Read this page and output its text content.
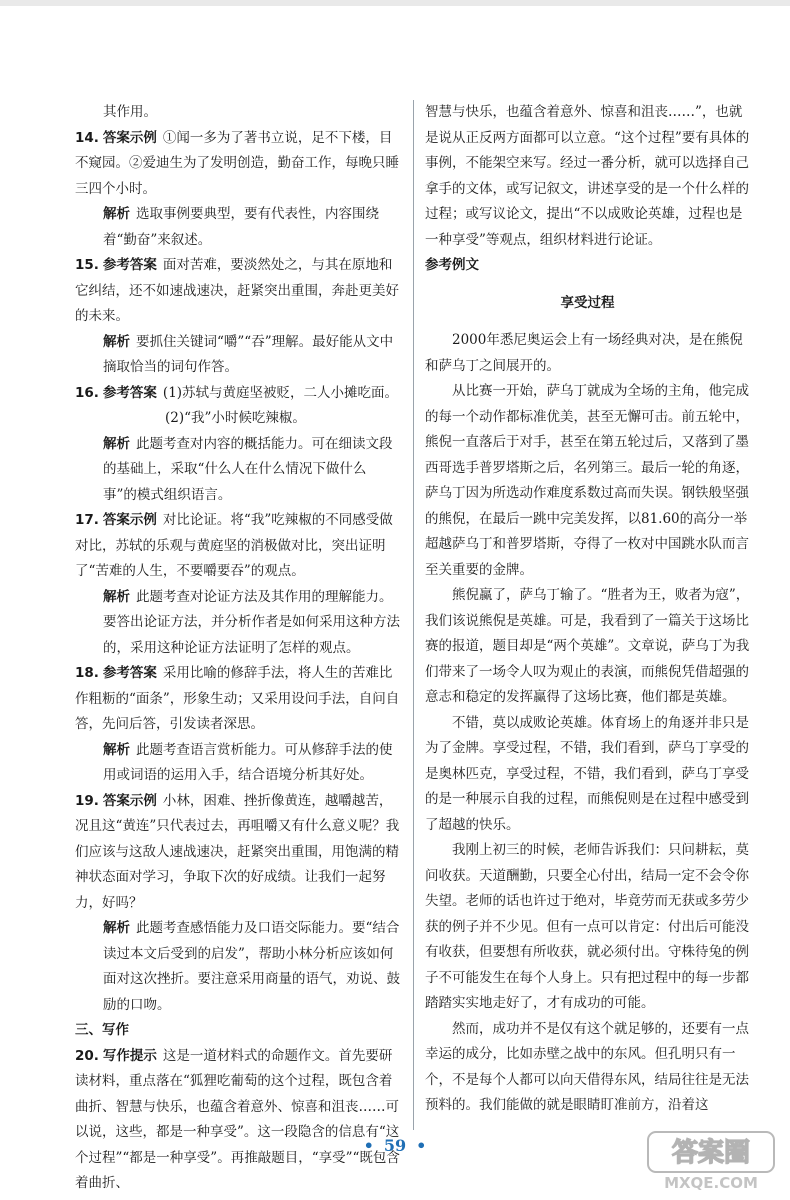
其作用。

14. 答案示例 ①闻一多为了著书立说，足不下楼，目不窥园。②爱迪生为了发明创造，勤奋工作，每晚只睡三四个小时。
解析 选取事例要典型，要有代表性，内容围绕着“勤奋”来叙述。
15. 参考答案 面对苦难，要淡然处之，与其在原地和它纠结，还不如速战速决，赶紧突出重围，奔赴更美好的未来。
解析 要抓住关键词“嚼”“吞”理解。最好能从文中摘取恰当的词句作答。
16. 参考答案 (1)苏轼与黄庭坚被贬，二人小摊吃面。
(2)“我”小时候吃辣椒。
解析 此题考查对内容的概括能力。可在细读文段的基础上，采取“什么人在什么情况下做什么事”的模式组织语言。
17. 答案示例 对比论证。将“我”吃辣椒的不同感受做对比，苏轼的乐观与黄庭坚的消极做对比，突出证明了“苦难的人生，不要嚼要吞”的观点。
解析 此题考查对论证方法及其作用的理解能力。要答出论证方法，并分析作者是如何采用这种方法的，采用这种论证方法证明了怎样的观点。
18. 参考答案 采用比喻的修辞手法，将人生的苦难比作粗粝的“面条”，形象生动；又采用设问手法，自问自答，先问后答，引发读者深思。
解析 此题考查语言赏析能力。可从修辞手法的使用或词语的运用入手，结合语境分析其好处。
19. 答案示例 小林，困难、挫折像黄连，越嚼越苦，况且这“黄连”只代表过去，再咀嚼又有什么意义呢？我们应该与这敌人速战速决，赶紧突出重围，用饱满的精神状态面对学习，争取下次的好成绩。让我们一起努力，好吗？
解析 此题考查感悟能力及口语交际能力。要“结合读过本文后受到的启发”，帮助小林分析应该如何面对这次挫折。要注意采用商量的语气，劝说、鼓励的口吻。
三、写作
20. 写作提示 这是一道材料式的命题作文。首先要研读材料，重点落在“狐狸吃葡萄的这个过程，既包含着曲折、智慧与快乐，也蕴含着意外、惊喜和沮丧……可以说，这些，都是一种享受”。这一段隐含的信息有“这个过程”“都是一种享受”。再推敲题目，“享受”“既包含着曲折、

智慧与快乐，也蕴含着意外、惊喜和沮丧……”，也就是说从正反两方面都可以立意。“这个过程”要有具体的事例，不能架空来写。经过一番分析，就可以选择自己拿手的文体，或写记叙文，讲述享受的是一个什么样的过程；或写议论文，提出“不以成败论英雄，过程也是一种享受”等观点，组织材料进行论证。

参考例文
享受过程

2000年悉尼奥运会上有一场经典对决，是在熊倪和萨乌丁之间展开的。

从比赛一开始，萨乌丁就成为全场的主角，他完成的每一个动作都标准优美，甚至无懈可击。前五轮中，熊倪一直落后于对手，甚至在第五轮过后，又落到了墨西哥选手普罗塔斯之后，名列第三。最后一轮的角逐，萨乌丁因为所选动作难度系数过高而失误。钢铁般坚强的熊倪，在最后一跳中完美发挥，以81.60的高分一举超越萨乌丁和普罗塔斯，夺得了一枚对中国跳水队而言至关重要的金牌。

熊倪赢了，萨乌丁输了。“胜者为王，败者为寇”，我们该说熊倪是英雄。可是，我看到了一篇关于这场比赛的报道，题目却是“两个英雄”。文章说，萨乌丁为我们带来了一场令人叹为观止的表演，而熊倪凭借超强的意志和稳定的发挥赢得了这场比赛，他们都是英雄。

不错，莫以成败论英雄。体育场上的角逐并非只是为了金牌。享受过程，不错，我们看到，萨乌丁享受的是奥林匹克，享受过程，不错，我们看到，萨乌丁享受的是一种展示自我的过程，而熊倪则是在过程中感受到了超越的快乐。

我刚上初三的时候，老师告诉我们：只问耕耘，莫问收获。天道酬勤，只要全心付出，结局一定不会令你失望。老师的话也许过于绝对，毕竟劳而无获或多劳少获的例子并不少见。但有一点可以肯定：付出后可能没有收获，但要想有所收获，就必须付出。守株待兔的例子不可能发生在每个人身上。只有把过程中的每一步都踏踏实实地走好了，才有成功的可能。

然而，成功并不是仅有这个就足够的，还要有一点幸运的成分，比如赤壁之战中的东风。但孔明只有一个，不是每个人都可以向天借得东风，结局往往是无法预料的。我们能做的就是眼睛盯准前方，沿着这

• 59 •	答案圈
MXQE.COM
